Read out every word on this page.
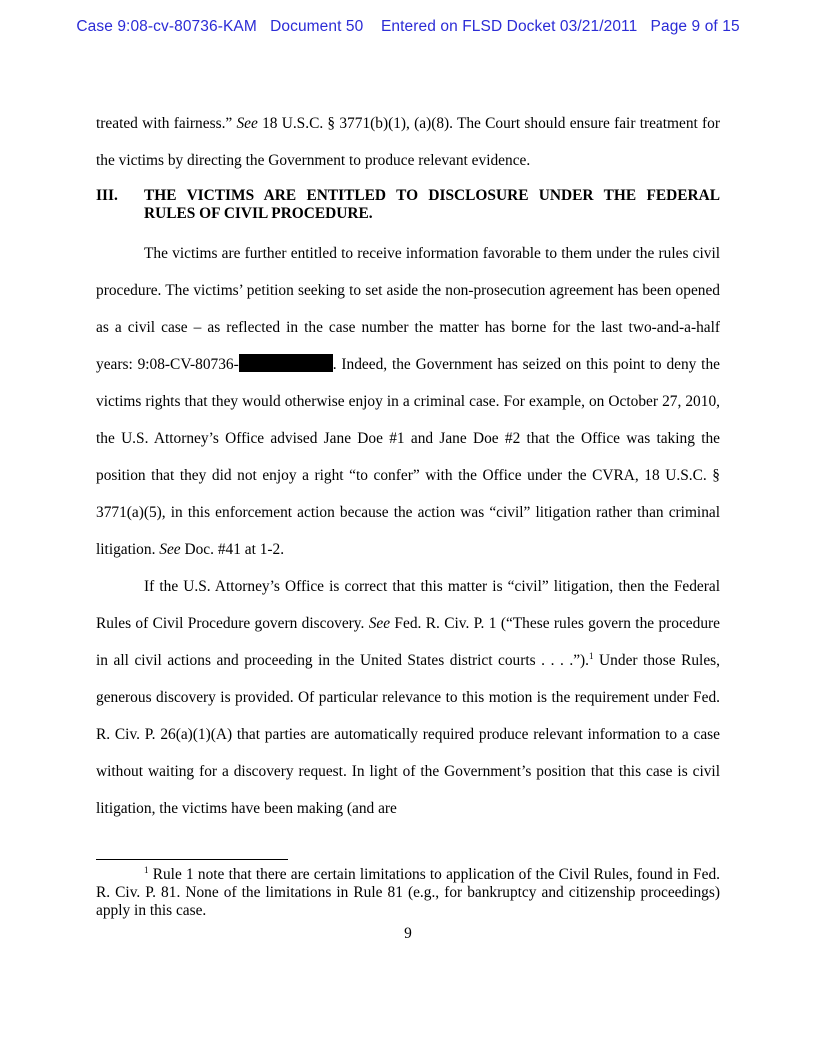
Case 9:08-cv-80736-KAM   Document 50    Entered on FLSD Docket 03/21/2011   Page 9 of 15

treated with fairness.” See 18 U.S.C. § 3771(b)(1), (a)(8). The Court should ensure fair treatment for the victims by directing the Government to produce relevant evidence.

III.	THE VICTIMS ARE ENTITLED TO DISCLOSURE UNDER THE FEDERAL RULES OF CIVIL PROCEDURE.

The victims are further entitled to receive information favorable to them under the rules civil procedure. The victims’ petition seeking to set aside the non-prosecution agreement has been opened as a civil case – as reflected in the case number the matter has borne for the last two-and-a-half years: 9:08-CV-80736-	. Indeed, the Government has seized on this point to deny the victims rights that they would otherwise enjoy in a criminal case. For example, on October 27, 2010, the U.S. Attorney’s Office advised Jane Doe #1 and Jane Doe #2 that the Office was taking the position that they did not enjoy a right “to confer” with the Office under the CVRA, 18 U.S.C. § 3771(a)(5), in this enforcement action because the action was “civil” litigation rather than criminal litigation. See Doc. #41 at 1-2.

If the U.S. Attorney’s Office is correct that this matter is “civil” litigation, then the Federal Rules of Civil Procedure govern discovery. See Fed. R. Civ. P. 1 (“These rules govern the procedure in all civil actions and proceeding in the United States district courts . . . .”).$^1$ Under those Rules, generous discovery is provided. Of particular relevance to this motion is the requirement under Fed. R. Civ. P. 26(a)(1)(A) that parties are automatically required produce relevant information to a case without waiting for a discovery request. In light of the Government’s position that this case is civil litigation, the victims have been making (and are

$^1$ Rule 1 note that there are certain limitations to application of the Civil Rules, found in Fed. R. Civ. P. 81. None of the limitations in Rule 81 (e.g., for bankruptcy and citizenship proceedings) apply in this case.

9
